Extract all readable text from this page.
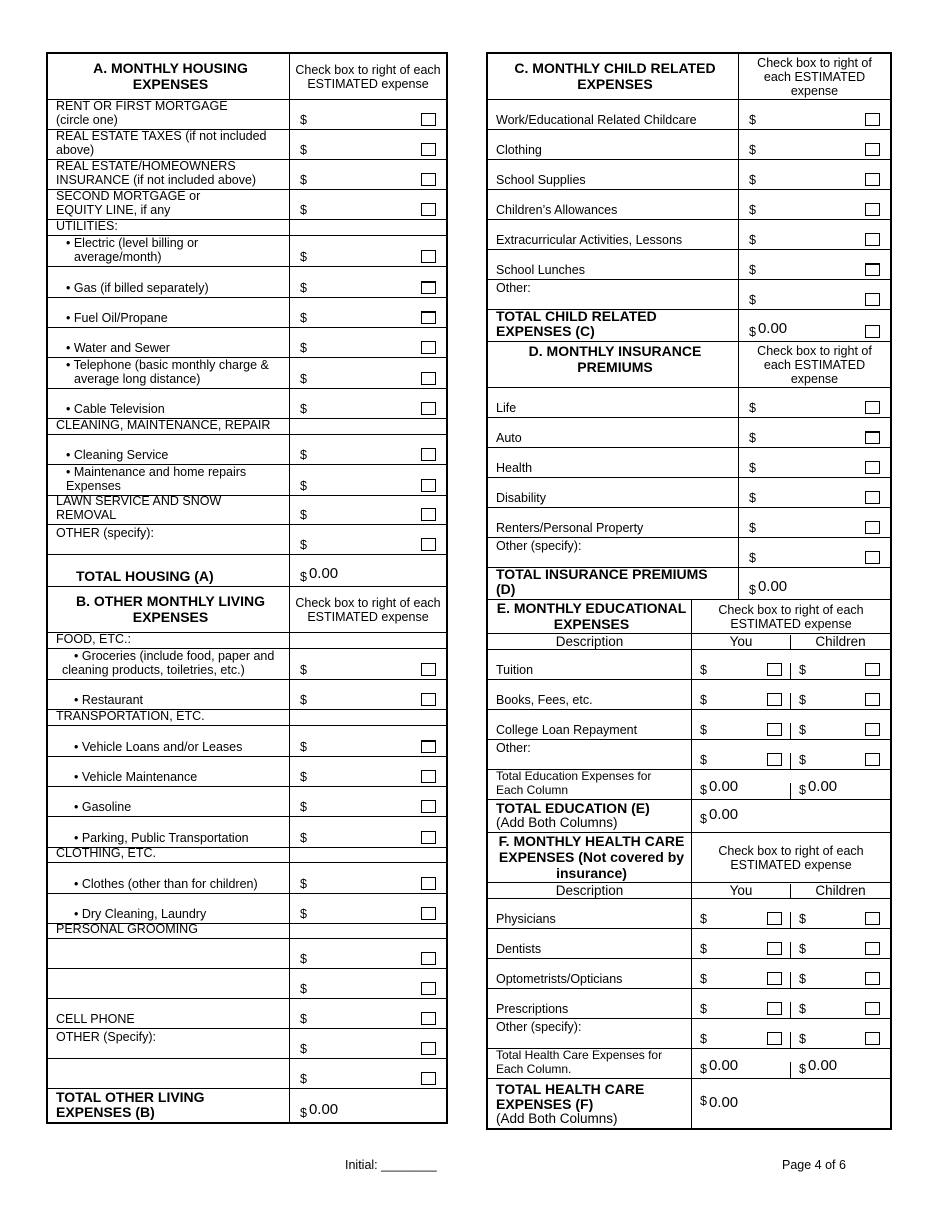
A. MONTHLY HOUSING EXPENSES
Check box to right of each ESTIMATED expense
RENT OR FIRST MORTGAGE
(circle one)	$
REAL ESTATE TAXES (if not included
above)	$
REAL ESTATE/HOMEOWNERS
INSURANCE (if not included above)	$
SECOND MORTGAGE or
EQUITY LINE, if any	$
UTILITIES:
• Electric (level billing or
average/month)	$
• Gas (if billed separately)	$
• Fuel Oil/Propane	$
• Water and Sewer	$
• Telephone (basic monthly charge &
average long distance)	$
• Cable Television	$
CLEANING, MAINTENANCE, REPAIR
• Cleaning Service	$
• Maintenance and home repairs
Expenses	$
LAWN SERVICE AND SNOW
REMOVAL	$
OTHER (specify):
$
TOTAL HOUSING (A)	$ 0.00
B. OTHER MONTHLY LIVING EXPENSES
Check box to right of each ESTIMATED expense
FOOD, ETC.:
• Groceries (include food, paper and
cleaning products, toiletries, etc.)	$
• Restaurant	$
TRANSPORTATION, ETC.
• Vehicle Loans and/or Leases	$
• Vehicle Maintenance	$
• Gasoline	$
• Parking, Public Transportation	$
CLOTHING, ETC.
• Clothes (other than for children)	$
• Dry Cleaning, Laundry	$
PERSONAL GROOMING
$
$
CELL PHONE	$
OTHER (Specify):
$
$
TOTAL OTHER LIVING
EXPENSES (B)	$ 0.00
C. MONTHLY CHILD RELATED EXPENSES
Check box to right of each ESTIMATED expense
Work/Educational Related Childcare	$
Clothing	$
School Supplies	$
Children’s Allowances	$
Extracurricular Activities, Lessons	$
School Lunches	$
Other:
$
TOTAL CHILD RELATED
EXPENSES (C)	$ 0.00
D. MONTHLY INSURANCE PREMIUMS
Check box to right of each ESTIMATED expense
Life	$
Auto	$
Health	$
Disability	$
Renters/Personal Property	$
Other (specify):
$
TOTAL INSURANCE PREMIUMS
(D)	$ 0.00
E. MONTHLY EDUCATIONAL EXPENSES
Check box to right of each ESTIMATED expense
Description	You	Children
Tuition	$	$
Books, Fees, etc.	$	$
College Loan Repayment	$	$
Other:
$	$
Total Education Expenses for
Each Column	$ 0.00	$ 0.00
TOTAL EDUCATION (E)
(Add Both Columns)	$ 0.00
F. MONTHLY HEALTH CARE EXPENSES (Not covered by insurance)
Check box to right of each ESTIMATED expense
Description	You	Children
Physicians	$	$
Dentists	$	$
Optometrists/Opticians	$	$
Prescriptions	$	$
Other (specify):
$	$
Total Health Care Expenses for
Each Column.	$ 0.00	$ 0.00
TOTAL HEALTH CARE
EXPENSES (F)
(Add Both Columns)
$ 0.00
Initial: ________	Page 4 of 6
